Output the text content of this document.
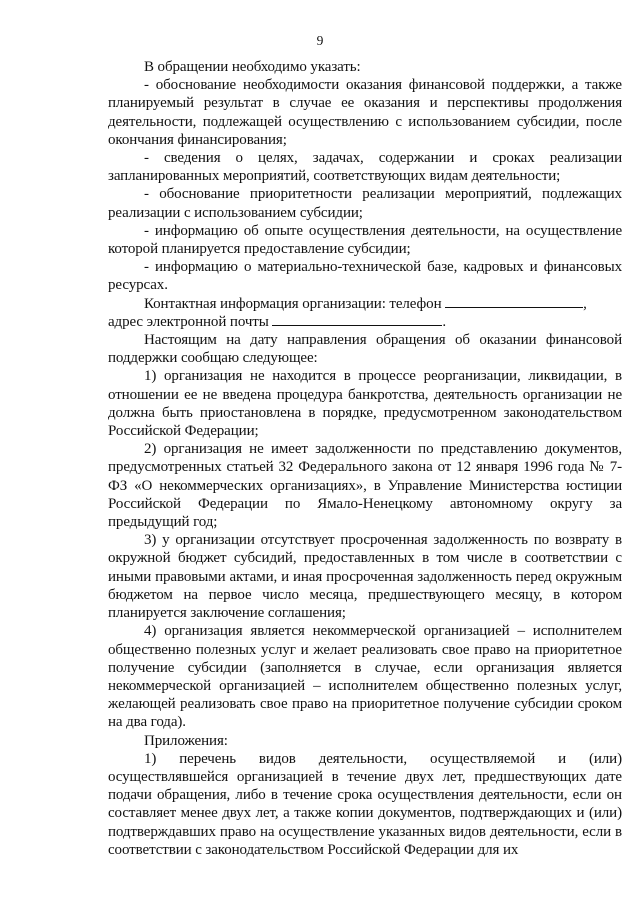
9

В обращении необходимо указать:

- обоснование необходимости оказания финансовой поддержки, а также планируемый результат в случае ее оказания и перспективы продолжения деятельности, подлежащей осуществлению с использованием субсидии, после окончания финансирования;

- сведения о целях, задачах, содержании и сроках реализации запланированных мероприятий, соответствующих видам деятельности;

- обоснование приоритетности реализации мероприятий, подлежащих реализации с использованием субсидии;

- информацию об опыте осуществления деятельности, на осуществление которой планируется предоставление субсидии;

- информацию о материально-технической базе, кадровых и финансовых ресурсах.

Контактная информация организации: телефон	,

адрес электронной почты	.

Настоящим на дату направления обращения об оказании финансовой поддержки сообщаю следующее:

1) организация не находится в процессе реорганизации, ликвидации, в отношении ее не введена процедура банкротства, деятельность организации не должна быть приостановлена в порядке, предусмотренном законодательством Российской Федерации;

2) организация не имеет задолженности по представлению документов, предусмотренных статьей 32 Федерального закона от 12 января 1996 года № 7-ФЗ «О некоммерческих организациях», в Управление Министерства юстиции Российской Федерации по Ямало-Ненецкому автономному округу за предыдущий год;

3) у организации отсутствует просроченная задолженность по возврату в окружной бюджет субсидий, предоставленных в том числе в соответствии с иными правовыми актами, и иная просроченная задолженность перед окружным бюджетом на первое число месяца, предшествующего месяцу, в котором планируется заключение соглашения;

4) организация является некоммерческой организацией – исполнителем общественно полезных услуг и желает реализовать свое право на приоритетное получение субсидии (заполняется в случае, если организация является некоммерческой организацией – исполнителем общественно полезных услуг, желающей реализовать свое право на приоритетное получение субсидии сроком на два года).

Приложения:

1) перечень видов деятельности, осуществляемой и (или) осуществлявшейся организацией в течение двух лет, предшествующих дате подачи обращения, либо в течение срока осуществления деятельности, если он составляет менее двух лет, а также копии документов, подтверждающих и (или) подтверждавших право на осуществление указанных видов деятельности, если в соответствии с законодательством Российской Федерации для их
